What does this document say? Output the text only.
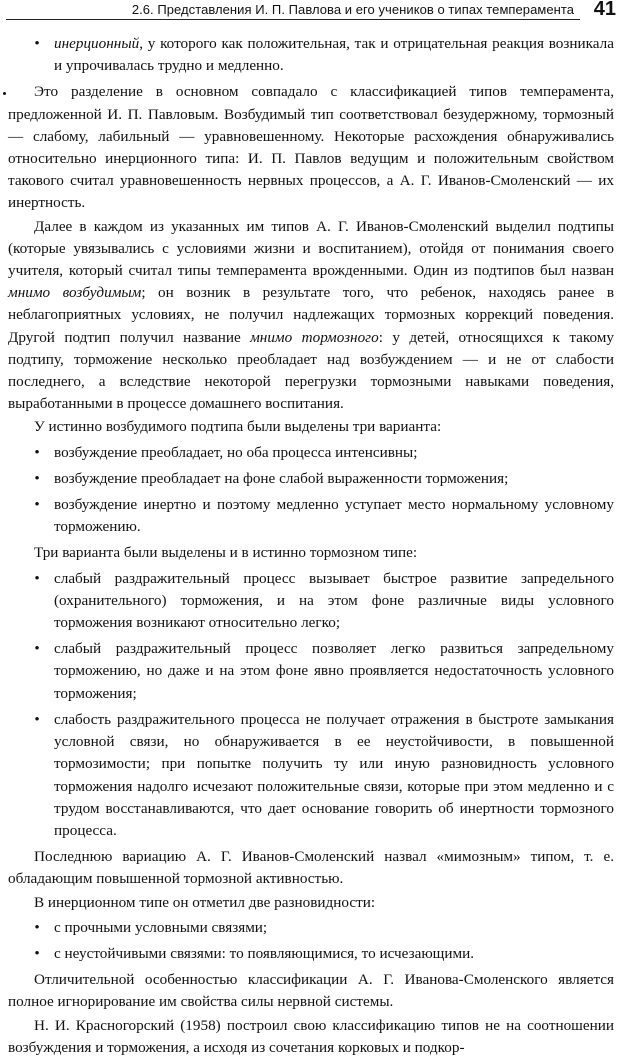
2.6. Представления И. П. Павлова и его учеников о типах темперамента 41
• инерционный, у которого как положительная, так и отрицательная реакция возникала и упрочивалась трудно и медленно.

Это разделение в основном совпадало с классификацией типов темперамента, предложенной И. П. Павловым. Возбудимый тип соответствовал безудержному, тормозный — слабому, лабильный — уравновешенному. Некоторые расхождения обнаруживались относительно инерционного типа: И. П. Павлов ведущим и положительным свойством такового считал уравновешенность нервных процессов, а А. Г. Иванов-Смоленский — их инертность.

Далее в каждом из указанных им типов А. Г. Иванов-Смоленский выделил подтипы (которые увязывались с условиями жизни и воспитанием), отойдя от понимания своего учителя, который считал типы темперамента врожденными. Один из подтипов был назван мнимо возбудимым; он возник в результате того, что ребенок, находясь ранее в неблагоприятных условиях, не получил надлежащих тормозных коррекций поведения. Другой подтип получил название мнимо тормозного: у детей, относящихся к такому подтипу, торможение несколько преобладает над возбуждением — и не от слабости последнего, а вследствие некоторой перегрузки тормозными навыками поведения, выработанными в процессе домашнего воспитания.

У истинно возбудимого подтипа были выделены три варианта:

• возбуждение преобладает, но оба процесса интенсивны;
• возбуждение преобладает на фоне слабой выраженности торможения;
• возбуждение инертно и поэтому медленно уступает место нормальному условному торможению.

Три варианта были выделены и в истинно тормозном типе:

• слабый раздражительный процесс вызывает быстрое развитие запредельного (охранительного) торможения, и на этом фоне различные виды условного торможения возникают относительно легко;
• слабый раздражительный процесс позволяет легко развиться запредельному торможению, но даже и на этом фоне явно проявляется недостаточность условного торможения;
• слабость раздражительного процесса не получает отражения в быстроте замыкания условной связи, но обнаруживается в ее неустойчивости, в повышенной тормозимости; при попытке получить ту или иную разновидность условного торможения надолго исчезают положительные связи, которые при этом медленно и с трудом восстанавливаются, что дает основание говорить об инертности тормозного процесса.

Последнюю вариацию А. Г. Иванов-Смоленский назвал «мимозным» типом, т. е. обладающим повышенной тормозной активностью.

В инерционном типе он отметил две разновидности:

• с прочными условными связями;
• с неустойчивыми связями: то появляющимися, то исчезающими.

Отличительной особенностью классификации А. Г. Иванова-Смоленского является полное игнорирование им свойства силы нервной системы.

Н. И. Красногорский (1958) построил свою классификацию типов не на соотношении возбуждения и торможения, а исходя из сочетания корковых и подкор-
